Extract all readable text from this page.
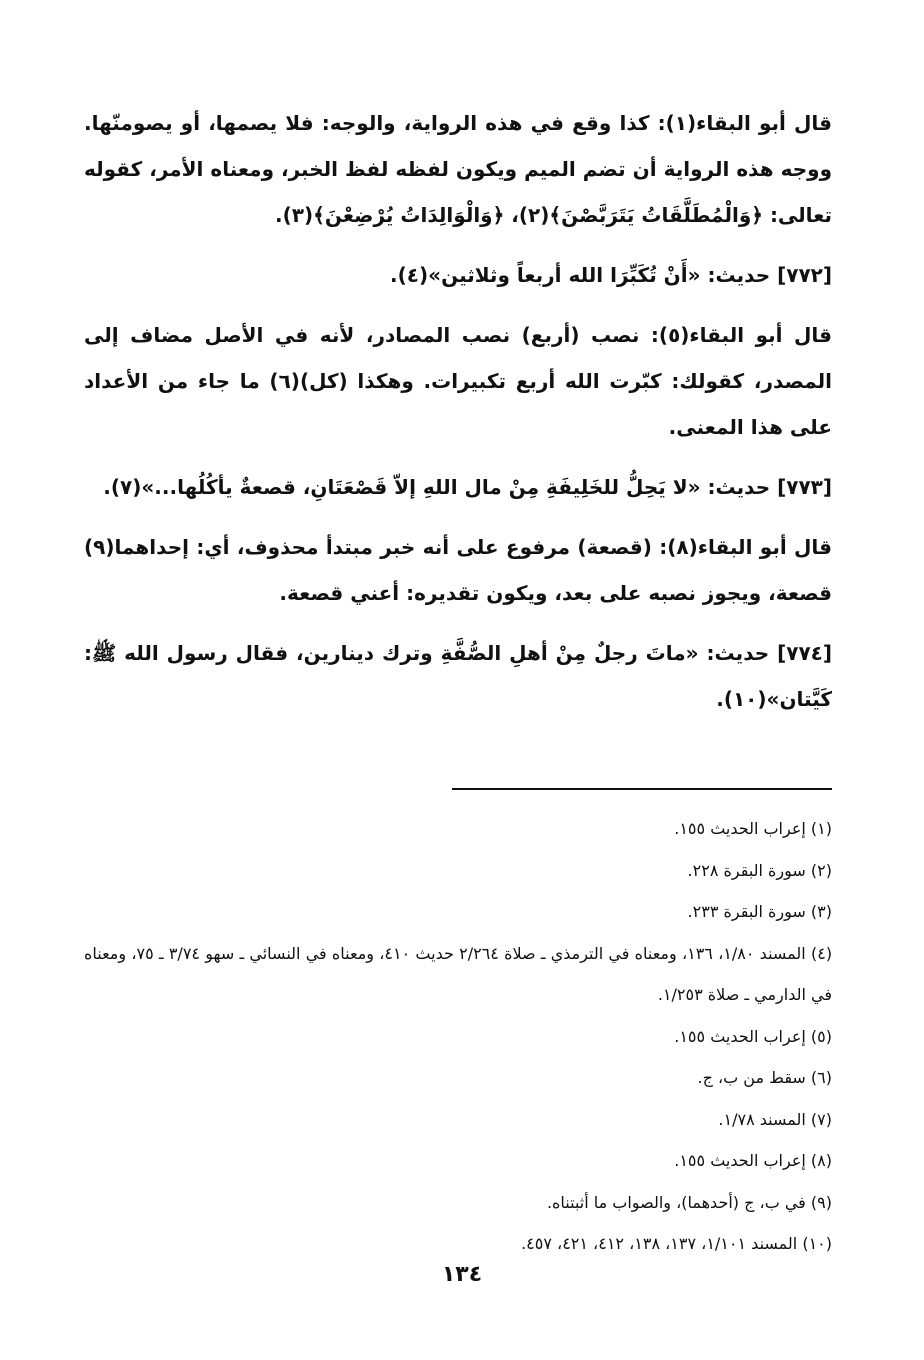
قال أبو البقاء(١): كذا وقع في هذه الرواية، والوجه: فلا يصمها، أو يصومنّها. ووجه هذه الرواية أن تضم الميم ويكون لفظه لفظ الخبر، ومعناه الأمر، كقوله تعالى: ﴿وَالْمُطَلَّقَاتُ يَتَرَبَّصْنَ﴾(٢)، ﴿وَالْوَالِدَاتُ يُرْضِعْنَ﴾(٣).

[٧٧٢] حديث: «أَنْ تُكَبِّرَا الله أربعاً وثلاثين»(٤).

قال أبو البقاء(٥): نصب (أربع) نصب المصادر، لأنه في الأصل مضاف إلى المصدر، كقولك: كبّرت الله أربع تكبيرات. وهكذا (كل)(٦) ما جاء من الأعداد على هذا المعنى.

[٧٧٣] حديث: «لا يَحِلُّ للخَلِيفَةِ مِنْ مال اللهِ إلاّ قَصْعَتَانِ، قصعةٌ يأكُلُها...»(٧).

قال أبو البقاء(٨): (قصعة) مرفوع على أنه خبر مبتدأ محذوف، أي: إحداهما(٩) قصعة، ويجوز نصبه على بعد، ويكون تقديره: أعني قصعة.

[٧٧٤] حديث: «ماتَ رجلٌ مِنْ أهلِ الصُّفَّةِ وترك دينارين، فقال رسول الله ﷺ: كَيَّتان»(١٠).

(١) إعراب الحديث ١٥٥.

(٢) سورة البقرة ٢٢٨.

(٣) سورة البقرة ٢٣٣.

(٤) المسند ١/٨٠، ١٣٦، ومعناه في الترمذي ـ صلاة ٢/٢٦٤ حديث ٤١٠، ومعناه في النسائي ـ سهو ٣/٧٤ ـ ٧٥، ومعناه في الدارمي ـ صلاة ١/٢٥٣.

(٥) إعراب الحديث ١٥٥.

(٦) سقط من ب، ج.

(٧) المسند ١/٧٨.

(٨) إعراب الحديث ١٥٥.

(٩) في ب، ج (أحدهما)، والصواب ما أثبتناه.

(١٠) المسند ١/١٠١، ١٣٧، ١٣٨، ٤١٢، ٤٢١، ٤٥٧.

١٣٤
